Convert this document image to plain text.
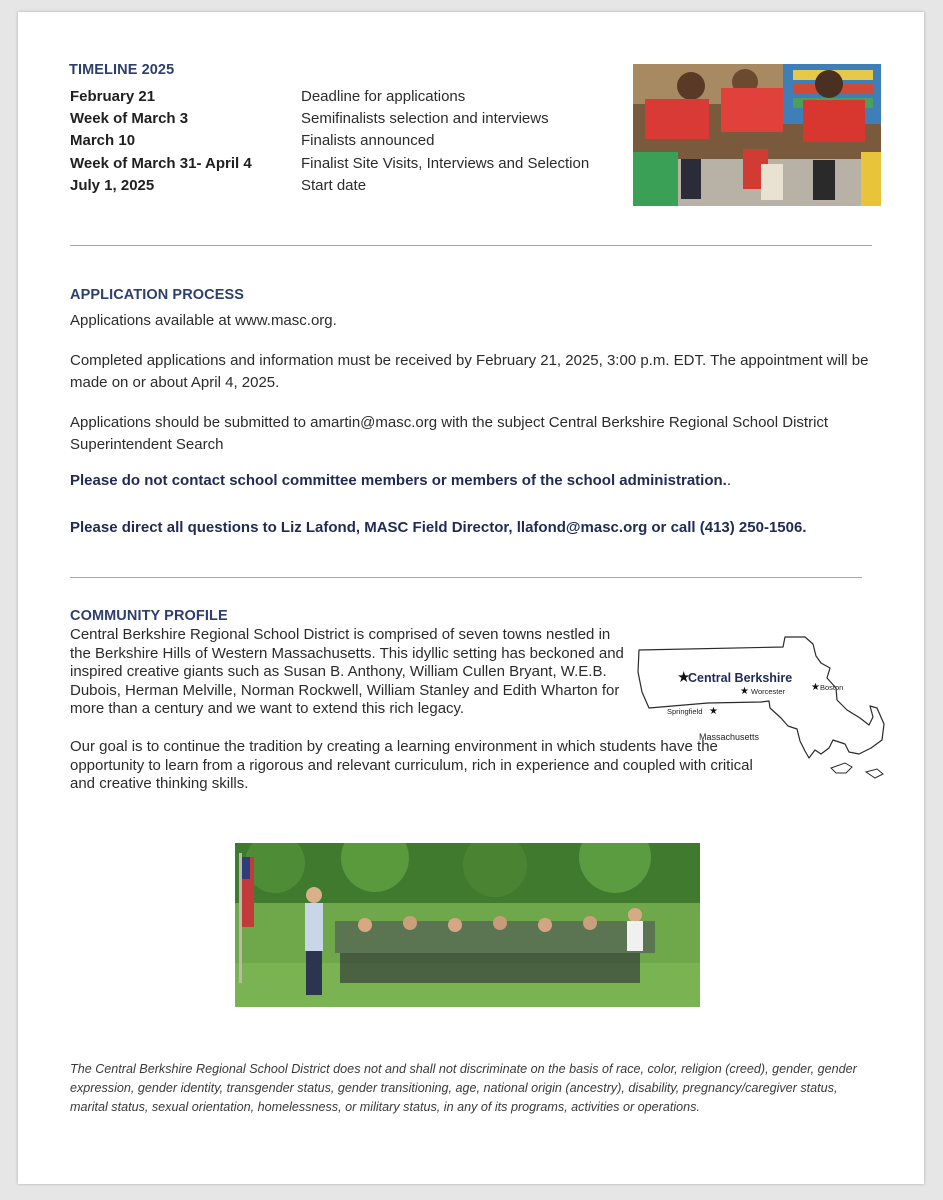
TIMELINE 2025
February 21	Deadline for applications
Week of March 3	Semifinalists selection and interviews
March 10	Finalists announced
Week of March 31- April 4	Finalist Site Visits, Interviews and Selection
July 1, 2025	Start date
APPLICATION PROCESS
Applications available at www.masc.org.
Completed applications and information must be received by February 21, 2025, 3:00 p.m. EDT. The appointment will be made on or about April 4, 2025.
Applications should be submitted to amartin@masc.org with the subject Central Berkshire Regional School District Superintendent Search
Please do not contact school committee members or members of the school administration..
Please direct all questions to Liz Lafond, MASC Field Director, llafond@masc.org or call (413) 250-1506.
COMMUNITY PROFILE
Central Berkshire Regional School District is comprised of seven towns nestled in the Berkshire Hills of Western Massachusetts. This idyllic setting has beckoned and inspired creative giants such as Susan B. Anthony, William Cullen Bryant, W.E.B. Dubois, Herman Melville, Norman Rockwell, William Stanley and Edith Wharton for more than a century and we want to extend this rich legacy.
Our goal is to continue the tradition by creating a learning environment in which students have the opportunity to learn from a rigorous and relevant curriculum, rich in experience and coupled with critical and creative thinking skills.
★
Central Berkshire
★ Worcester	★ Boston
Springfield ★
Massachusetts
The Central Berkshire Regional School District does not and shall not discriminate on the basis of race, color, religion (creed), gender, gender expression, gender identity, transgender status, gender transitioning, age, national origin (ancestry), disability, pregnancy/caregiver status, marital status, sexual orientation, homelessness, or military status, in any of its programs, activities or operations.
